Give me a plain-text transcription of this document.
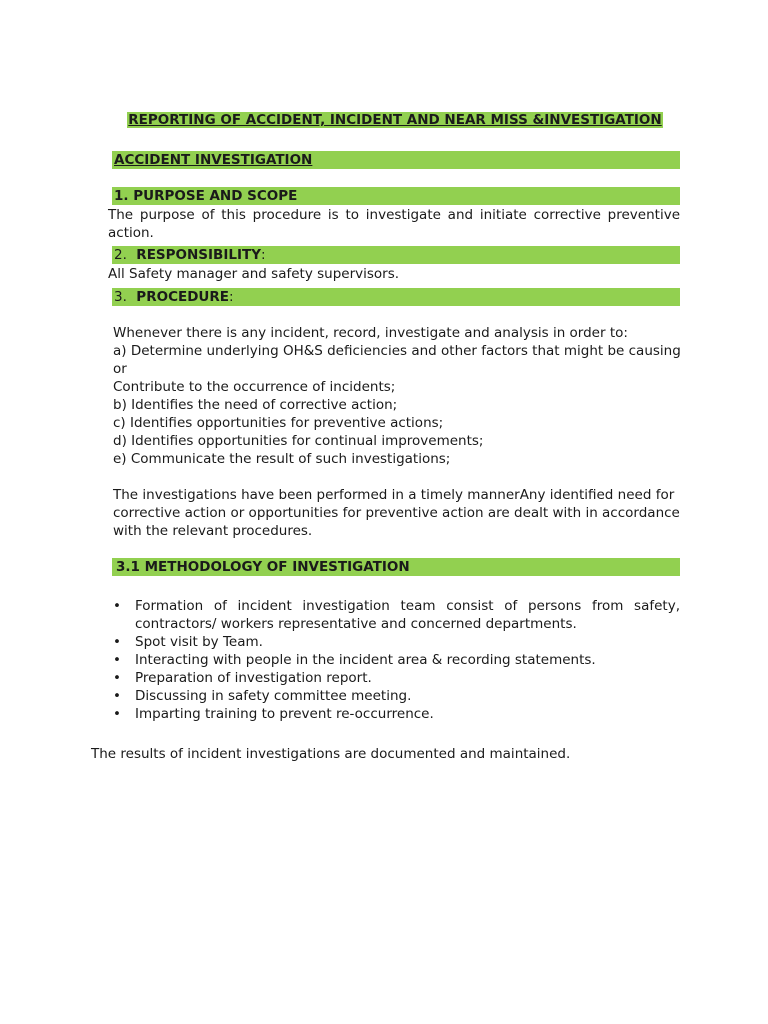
REPORTING OF ACCIDENT, INCIDENT AND NEAR MISS &INVESTIGATION
ACCIDENT INVESTIGATION
1. PURPOSE AND SCOPE
The purpose of this procedure is to investigate and initiate corrective preventive action.
2. RESPONSIBILITY:
All Safety manager and safety supervisors.
3. PROCEDURE:
Whenever there is any incident, record, investigate and analysis in order to:
a) Determine underlying OH&S deficiencies and other factors that might be causing
or
Contribute to the occurrence of incidents;
b) Identifies the need of corrective action;
c) Identifies opportunities for preventive actions;
d) Identifies opportunities for continual improvements;
e) Communicate the result of such investigations;
The investigations have been performed in a timely mannerAny identified need for
corrective action or opportunities for preventive action are dealt with in accordance
with the relevant procedures.
3.1 METHODOLOGY OF INVESTIGATION

• Formation of incident investigation team consist of persons from safety, contractors/ workers representative and concerned departments.

• Spot visit by Team.

• Interacting with people in the incident area & recording statements.

• Preparation of investigation report.

• Discussing in safety committee meeting.

• Imparting training to prevent re-occurrence.

The results of incident investigations are documented and maintained.
